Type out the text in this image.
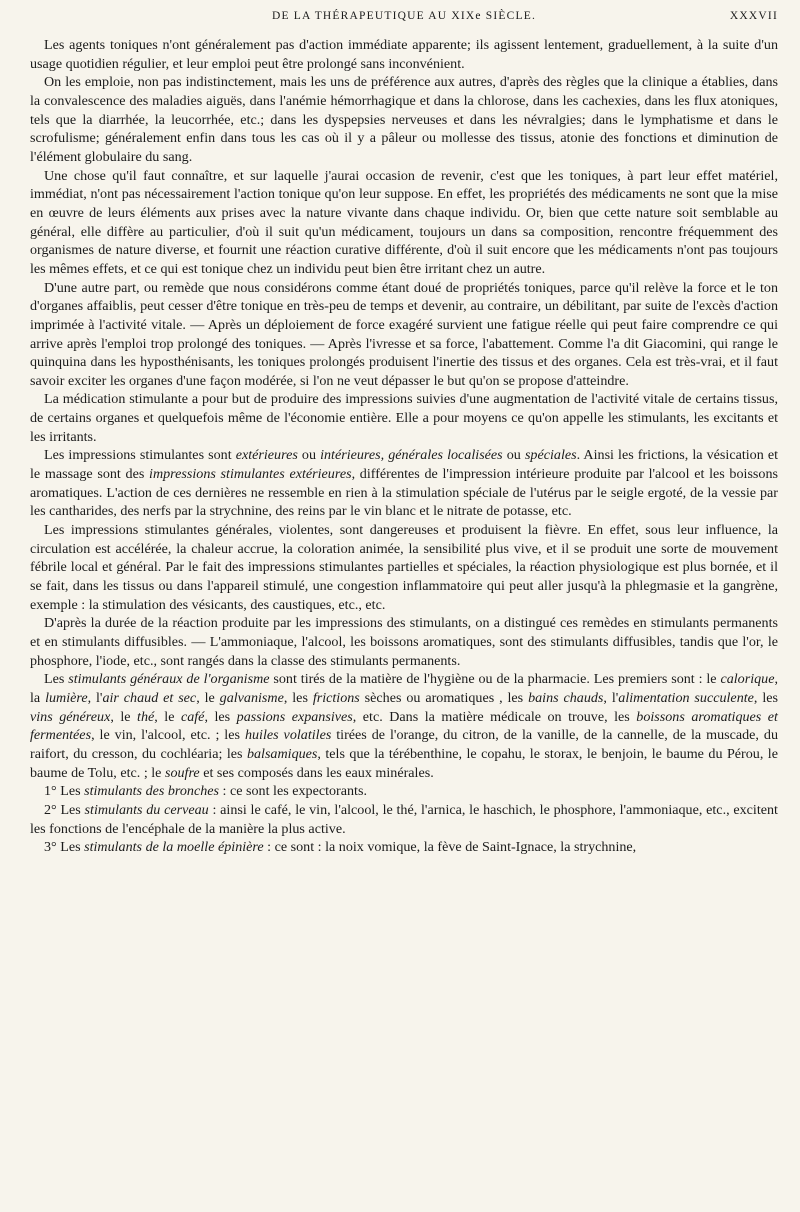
DE LA THÉRAPEUTIQUE AU XIXe SIÈCLE.	XXXVII

Les agents toniques n'ont généralement pas d'action immédiate apparente; ils agissent lentement, graduellement, à la suite d'un usage quotidien régulier, et leur emploi peut être prolongé sans inconvénient.

On les emploie, non pas indistinctement, mais les uns de préférence aux autres, d'après des règles que la clinique a établies, dans la convalescence des maladies aiguës, dans l'anémie hémorrhagique et dans la chlorose, dans les cachexies, dans les flux atoniques, tels que la diarrhée, la leucorrhée, etc.; dans les dyspepsies nerveuses et dans les névralgies; dans le lymphatisme et dans le scrofulisme; généralement enfin dans tous les cas où il y a pâleur ou mollesse des tissus, atonie des fonctions et diminution de l'élément globulaire du sang.

Une chose qu'il faut connaître, et sur laquelle j'aurai occasion de revenir, c'est que les toniques, à part leur effet matériel, immédiat, n'ont pas nécessairement l'action tonique qu'on leur suppose. En effet, les propriétés des médicaments ne sont que la mise en œuvre de leurs éléments aux prises avec la nature vivante dans chaque individu. Or, bien que cette nature soit semblable au général, elle diffère au particulier, d'où il suit qu'un médicament, toujours un dans sa composition, rencontre fréquemment des organismes de nature diverse, et fournit une réaction curative différente, d'où il suit encore que les médicaments n'ont pas toujours les mêmes effets, et ce qui est tonique chez un individu peut bien être irritant chez un autre.

D'une autre part, ou remède que nous considérons comme étant doué de propriétés toniques, parce qu'il relève la force et le ton d'organes affaiblis, peut cesser d'être tonique en très-peu de temps et devenir, au contraire, un débilitant, par suite de l'excès d'action imprimée à l'activité vitale. — Après un déploiement de force exagéré survient une fatigue réelle qui peut faire comprendre ce qui arrive après l'emploi trop prolongé des toniques. — Après l'ivresse et sa force, l'abattement. Comme l'a dit Giacomini, qui range le quinquina dans les hyposthénisants, les toniques prolongés produisent l'inertie des tissus et des organes. Cela est très-vrai, et il faut savoir exciter les organes d'une façon modérée, si l'on ne veut dépasser le but qu'on se propose d'atteindre.

La médication stimulante a pour but de produire des impressions suivies d'une augmentation de l'activité vitale de certains tissus, de certains organes et quelquefois même de l'économie entière. Elle a pour moyens ce qu'on appelle les stimulants, les excitants et les irritants.

Les impressions stimulantes sont extérieures ou intérieures, générales localisées ou spéciales. Ainsi les frictions, la vésication et le massage sont des impressions stimulantes extérieures, différentes de l'impression intérieure produite par l'alcool et les boissons aromatiques. L'action de ces dernières ne ressemble en rien à la stimulation spéciale de l'utérus par le seigle ergoté, de la vessie par les cantharides, des nerfs par la strychnine, des reins par le vin blanc et le nitrate de potasse, etc.

Les impressions stimulantes générales, violentes, sont dangereuses et produisent la fièvre. En effet, sous leur influence, la circulation est accélérée, la chaleur accrue, la coloration animée, la sensibilité plus vive, et il se produit une sorte de mouvement fébrile local et général. Par le fait des impressions stimulantes partielles et spéciales, la réaction physiologique est plus bornée, et il se fait, dans les tissus ou dans l'appareil stimulé, une congestion inflammatoire qui peut aller jusqu'à la phlegmasie et la gangrène, exemple : la stimulation des vésicants, des caustiques, etc., etc.

D'après la durée de la réaction produite par les impressions des stimulants, on a distingué ces remèdes en stimulants permanents et en stimulants diffusibles. — L'ammoniaque, l'alcool, les boissons aromatiques, sont des stimulants diffusibles, tandis que l'or, le phosphore, l'iode, etc., sont rangés dans la classe des stimulants permanents.

Les stimulants généraux de l'organisme sont tirés de la matière de l'hygiène ou de la pharmacie. Les premiers sont : le calorique, la lumière, l'air chaud et sec, le galvanisme, les frictions sèches ou aromatiques , les bains chauds, l'alimentation succulente, les vins généreux, le thé, le café, les passions expansives, etc. Dans la matière médicale on trouve, les boissons aromatiques et fermentées, le vin, l'alcool, etc. ; les huiles volatiles tirées de l'orange, du citron, de la vanille, de la cannelle, de la muscade, du raifort, du cresson, du cochléaria; les balsamiques, tels que la térébenthine, le copahu, le storax, le benjoin, le baume du Pérou, le baume de Tolu, etc. ; le soufre et ses composés dans les eaux minérales.

1° Les stimulants des bronches : ce sont les expectorants.

2° Les stimulants du cerveau : ainsi le café, le vin, l'alcool, le thé, l'arnica, le haschich, le phosphore, l'ammoniaque, etc., excitent les fonctions de l'encéphale de la manière la plus active.

3° Les stimulants de la moelle épinière : ce sont : la noix vomique, la fève de Saint-Ignace, la strychnine,
